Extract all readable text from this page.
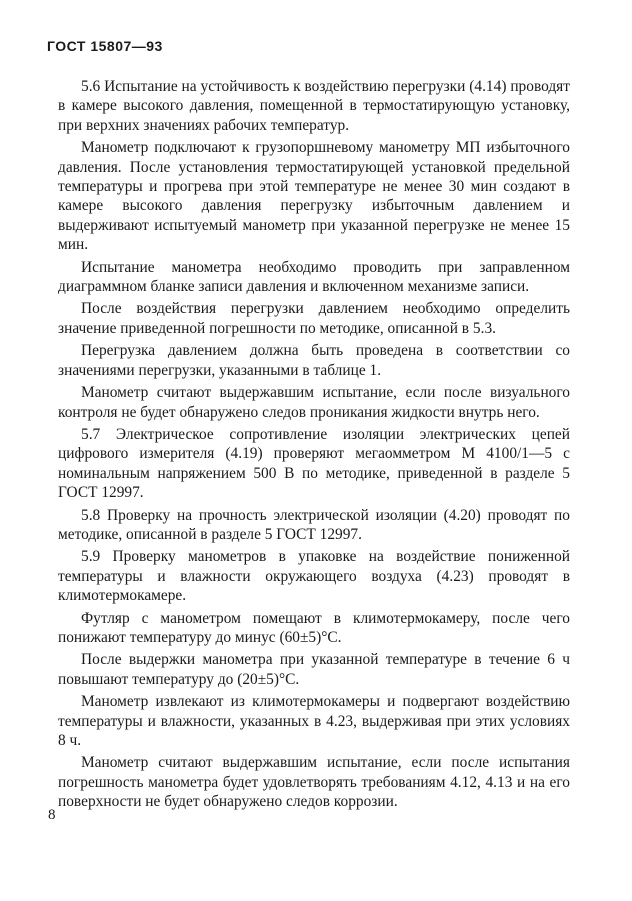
ГОСТ 15807—93

5.6 Испытание на устойчивость к воздействию перегрузки (4.14) проводят в камере высокого давления, помещенной в термостатирующую установку, при верхних значениях рабочих температур.

Манометр подключают к грузопоршневому манометру МП избыточного давления. После установления термостатирующей установкой предельной температуры и прогрева при этой температуре не менее 30 мин создают в камере высокого давления перегрузку избыточным давлением и выдерживают испытуемый манометр при указанной перегрузке не менее 15 мин.

Испытание манометра необходимо проводить при заправленном диаграммном бланке записи давления и включенном механизме записи.

После воздействия перегрузки давлением необходимо определить значение приведенной погрешности по методике, описанной в 5.3.

Перегрузка давлением должна быть проведена в соответствии со значениями перегрузки, указанными в таблице 1.

Манометр считают выдержавшим испытание, если после визуального контроля не будет обнаружено следов проникания жидкости внутрь него.

5.7 Электрическое сопротивление изоляции электрических цепей цифрового измерителя (4.19) проверяют мегаомметром М 4100/1—5 с номинальным напряжением 500 В по методике, приведенной в разделе 5 ГОСТ 12997.

5.8 Проверку на прочность электрической изоляции (4.20) проводят по методике, описанной в разделе 5 ГОСТ 12997.

5.9 Проверку манометров в упаковке на воздействие пониженной температуры и влажности окружающего воздуха (4.23) проводят в климотермокамере.

Футляр с манометром помещают в климотермокамеру, после чего понижают температуру до минус (60±5)°С.

После выдержки манометра при указанной температуре в течение 6 ч повышают температуру до (20±5)°С.

Манометр извлекают из климотермокамеры и подвергают воздействию температуры и влажности, указанных в 4.23, выдерживая при этих условиях 8 ч.

Манометр считают выдержавшим испытание, если после испытания погрешность манометра будет удовлетворять требованиям 4.12, 4.13 и на его поверхности не будет обнаружено следов коррозии.

8
